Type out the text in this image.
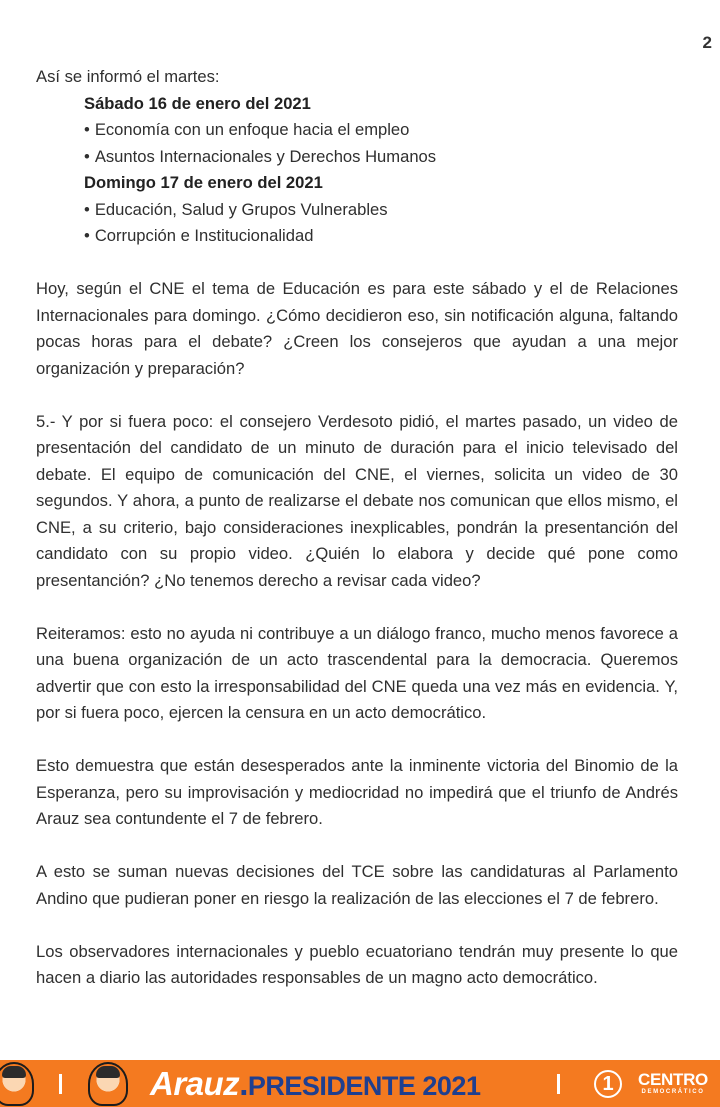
2

Así se informó el martes:

Sábado 16 de enero del 2021
• Economía con un enfoque hacia el empleo
• Asuntos Internacionales y Derechos Humanos
Domingo 17 de enero del 2021
• Educación, Salud y Grupos Vulnerables
• Corrupción e Institucionalidad

Hoy, según el CNE el tema de Educación es para este sábado y el de Relaciones Internacionales para domingo. ¿Cómo decidieron eso, sin notificación alguna, faltando pocas horas para el debate? ¿Creen los consejeros que ayudan a una mejor organización y preparación?

5.- Y por si fuera poco: el consejero Verdesoto pidió, el martes pasado, un video de presentación del candidato de un minuto de duración para el inicio televisado del debate. El equipo de comunicación del CNE, el viernes, solicita un video de 30 segundos. Y ahora, a punto de realizarse el debate nos comunican que ellos mismo, el CNE, a su criterio, bajo consideraciones inexplicables, pondrán la presentanción del candidato con su propio video. ¿Quién lo elabora y decide qué pone como presentanción? ¿No tenemos derecho a revisar cada video?

Reiteramos: esto no ayuda ni contribuye a un diálogo franco, mucho menos favorece a una buena organización de un acto trascendental para la democracia. Queremos advertir que con esto la irresponsabilidad del CNE queda una vez más en evidencia. Y, por si fuera poco, ejercen la censura en un acto democrático.

Esto demuestra que están desesperados ante la inminente victoria del Binomio de la Esperanza, pero su improvisación y mediocridad no impedirá que el triunfo de Andrés Arauz sea contundente el 7 de febrero.

A esto se suman nuevas decisiones del TCE sobre las candidaturas al Parlamento Andino que pudieran poner en riesgo la realización de las elecciones el 7 de febrero.

Los observadores internacionales y pueblo ecuatoriano tendrán muy presente lo que hacen a diario las autoridades responsables de un magno acto democrático.

Arauz.PRESIDENTE 2021	1	CENTRO
DEMOCRÁTICO
